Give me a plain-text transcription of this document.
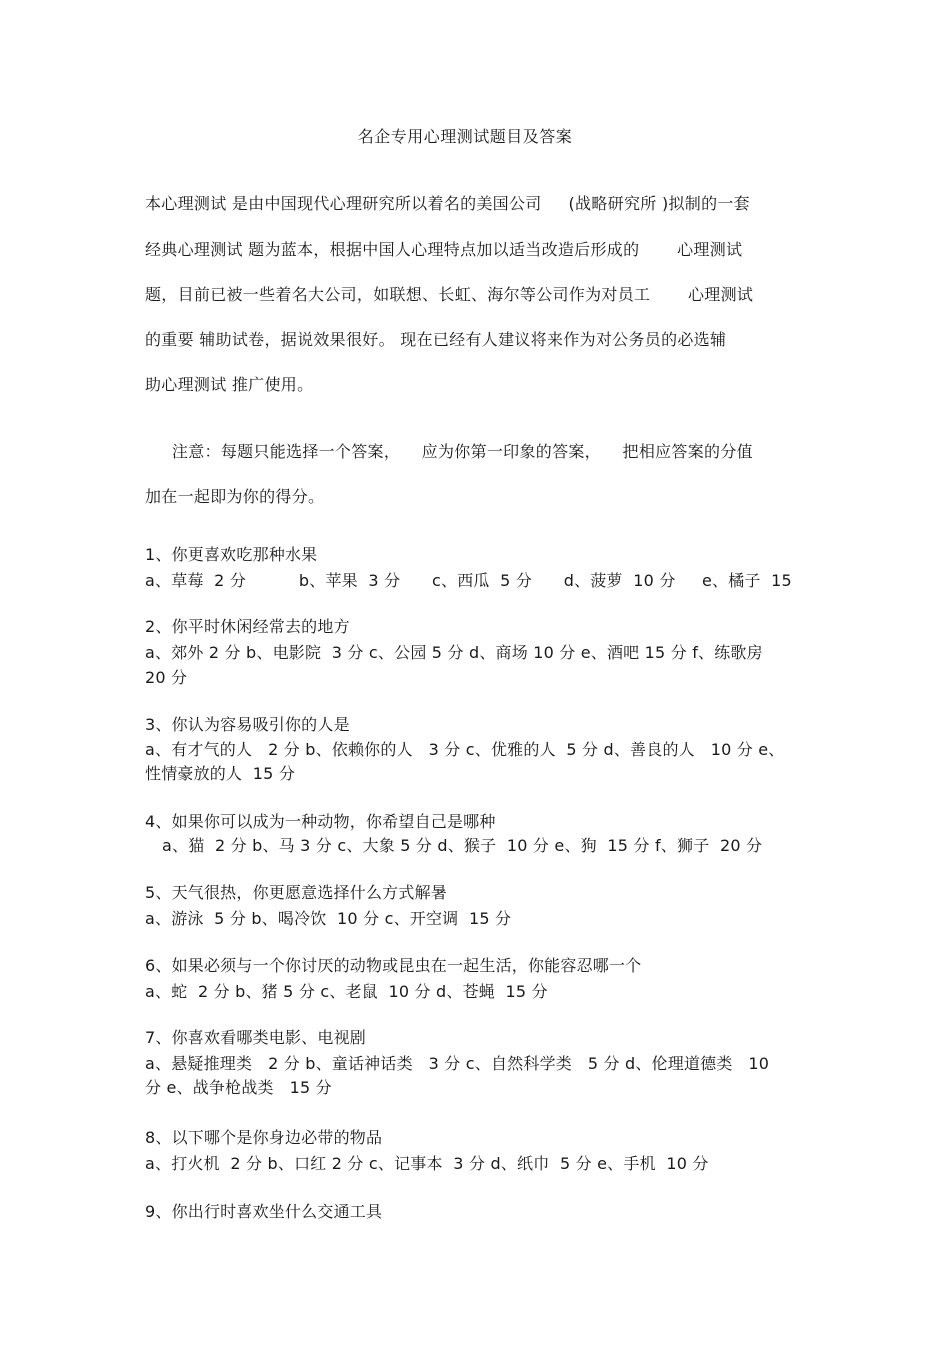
名企专用心理测试题目及答案
本心理测试 是由中国现代心理研究所以着名的美国公司     (战略研究所 )拟制的一套
经典心理测试 题为蓝本，根据中国人心理特点加以适当改造后形成的       心理测试
题，目前已被一些着名大公司，如联想、长虹、海尔等公司作为对员工       心理测试
的重要 辅助试卷，据说效果很好。 现在已经有人建议将来作为对公务员的必选辅
助心理测试 推广使用。
注意：每题只能选择一个答案，    应为你第一印象的答案，    把相应答案的分值
加在一起即为你的得分。
1、你更喜欢吃那种水果
a、草莓  2 分          b、苹果  3 分      c、西瓜  5 分      d、菠萝  10 分     e、橘子  15
2、你平时休闲经常去的地方
a、郊外 2 分 b、电影院  3 分 c、公园 5 分 d、商场 10 分 e、酒吧 15 分 f、练歌房
20 分
3、你认为容易吸引你的人是
a、有才气的人   2 分 b、依赖你的人   3 分 c、优雅的人  5 分 d、善良的人   10 分 e、
性情豪放的人  15 分
4、如果你可以成为一种动物，你希望自己是哪种
a、猫  2 分 b、马 3 分 c、大象 5 分 d、猴子  10 分 e、狗  15 分 f、狮子  20 分
5、天气很热，你更愿意选择什么方式解暑
a、游泳  5 分 b、喝冷饮  10 分 c、开空调  15 分
6、如果必须与一个你讨厌的动物或昆虫在一起生活，你能容忍哪一个
a、蛇  2 分 b、猪 5 分 c、老鼠  10 分 d、苍蝇  15 分
7、你喜欢看哪类电影、电视剧
a、悬疑推理类   2 分 b、童话神话类   3 分 c、自然科学类   5 分 d、伦理道德类   10
分 e、战争枪战类   15 分
8、以下哪个是你身边必带的物品
a、打火机  2 分 b、口红 2 分 c、记事本  3 分 d、纸巾  5 分 e、手机  10 分
9、你出行时喜欢坐什么交通工具
